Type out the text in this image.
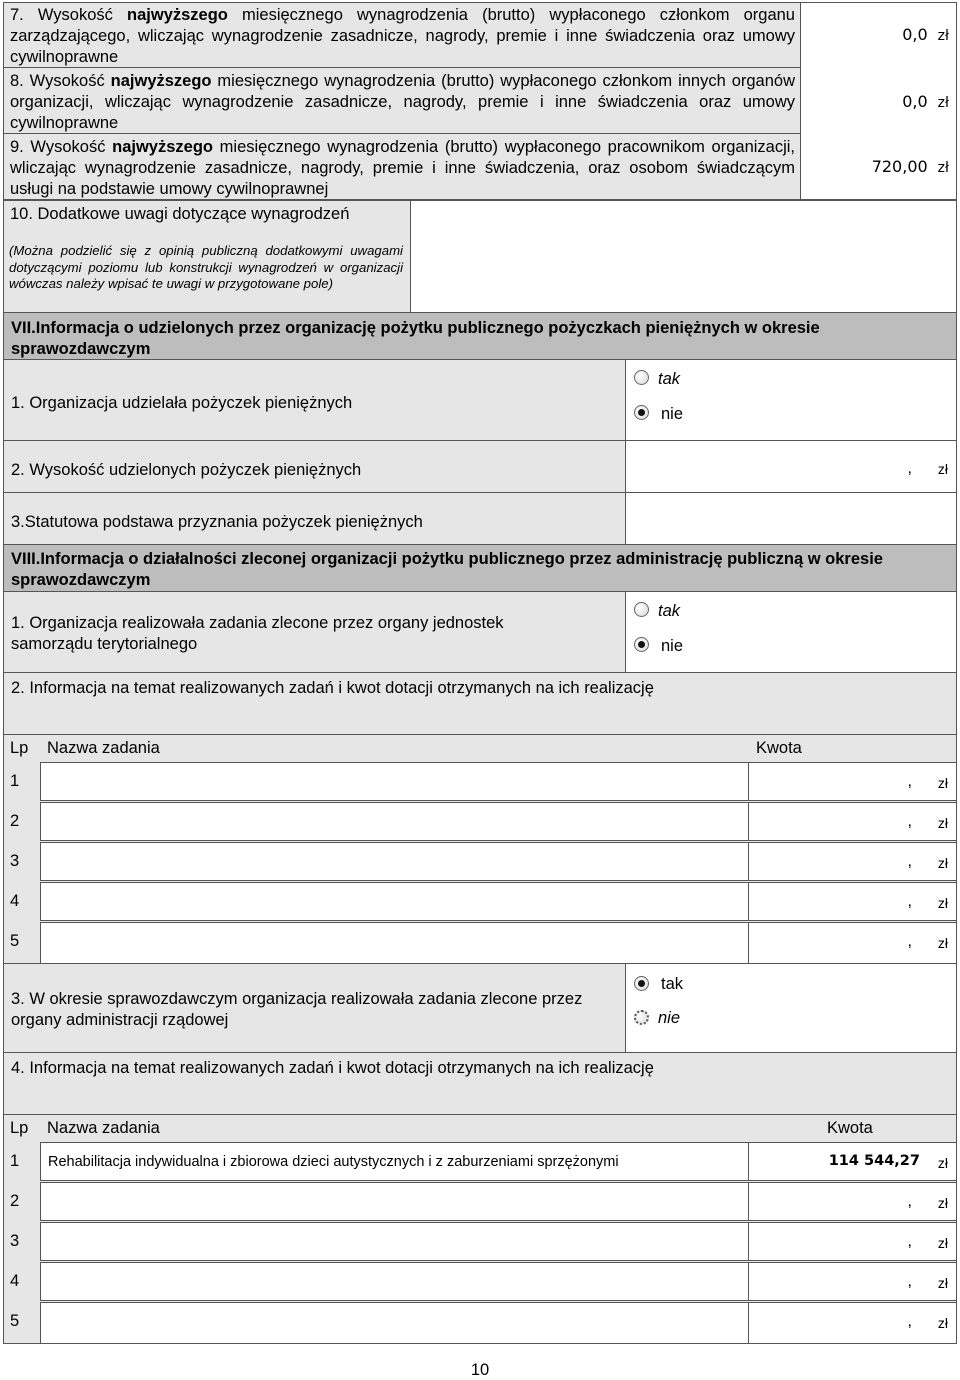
7. Wysokość najwyższego miesięcznego wynagrodzenia (brutto) wypłaconego członkom organu zarządzającego, wliczając wynagrodzenie zasadnicze, nagrody, premie i inne świadczenia oraz umowy cywilnoprawne
0,0 zł
8. Wysokość najwyższego miesięcznego wynagrodzenia (brutto) wypłaconego członkom innych organów organizacji, wliczając wynagrodzenie zasadnicze, nagrody, premie i inne świadczenia oraz umowy cywilnoprawne
0,0 zł
9. Wysokość najwyższego miesięcznego wynagrodzenia (brutto) wypłaconego pracownikom organizacji, wliczając wynagrodzenie zasadnicze, nagrody, premie i inne świadczenia, oraz osobom świadczącym usługi na podstawie umowy cywilnoprawnej
720,00 zł
10. Dodatkowe uwagi dotyczące wynagrodzeń
(Można podzielić się z opinią publiczną dodatkowymi uwagami dotyczącymi poziomu lub konstrukcji wynagrodzeń w organizacji wówczas należy wpisać te uwagi w przygotowane pole)
VII.Informacja o udzielonych przez organizację pożytku publicznego pożyczkach pieniężnych w okresie sprawozdawczym
1. Organizacja udzielała pożyczek pieniężnych
tak
nie
2. Wysokość udzielonych pożyczek pieniężnych	, zł
3.Statutowa podstawa przyznania pożyczek pieniężnych
VIII.Informacja o działalności zleconej organizacji pożytku publicznego przez administrację publiczną w okresie sprawozdawczym
1. Organizacja realizowała zadania zlecone przez organy jednostek samorządu terytorialnego
tak
nie
2. Informacja na temat realizowanych zadań i kwot dotacji otrzymanych na ich realizację
Lp Nazwa zadania	Kwota
1	, zł
2	, zł
3	, zł
4	, zł
5	, zł
3. W okresie sprawozdawczym organizacja realizowała zadania zlecone przez organy administracji rządowej
tak
nie
4. Informacja na temat realizowanych zadań i kwot dotacji otrzymanych na ich realizację
Lp Nazwa zadania	Kwota
1 Rehabilitacja indywidualna i zbiorowa dzieci autystycznych i z zaburzeniami sprzężonymi	114 544,27 zł
2	, zł
3	, zł
4	, zł
5	, zł
10
